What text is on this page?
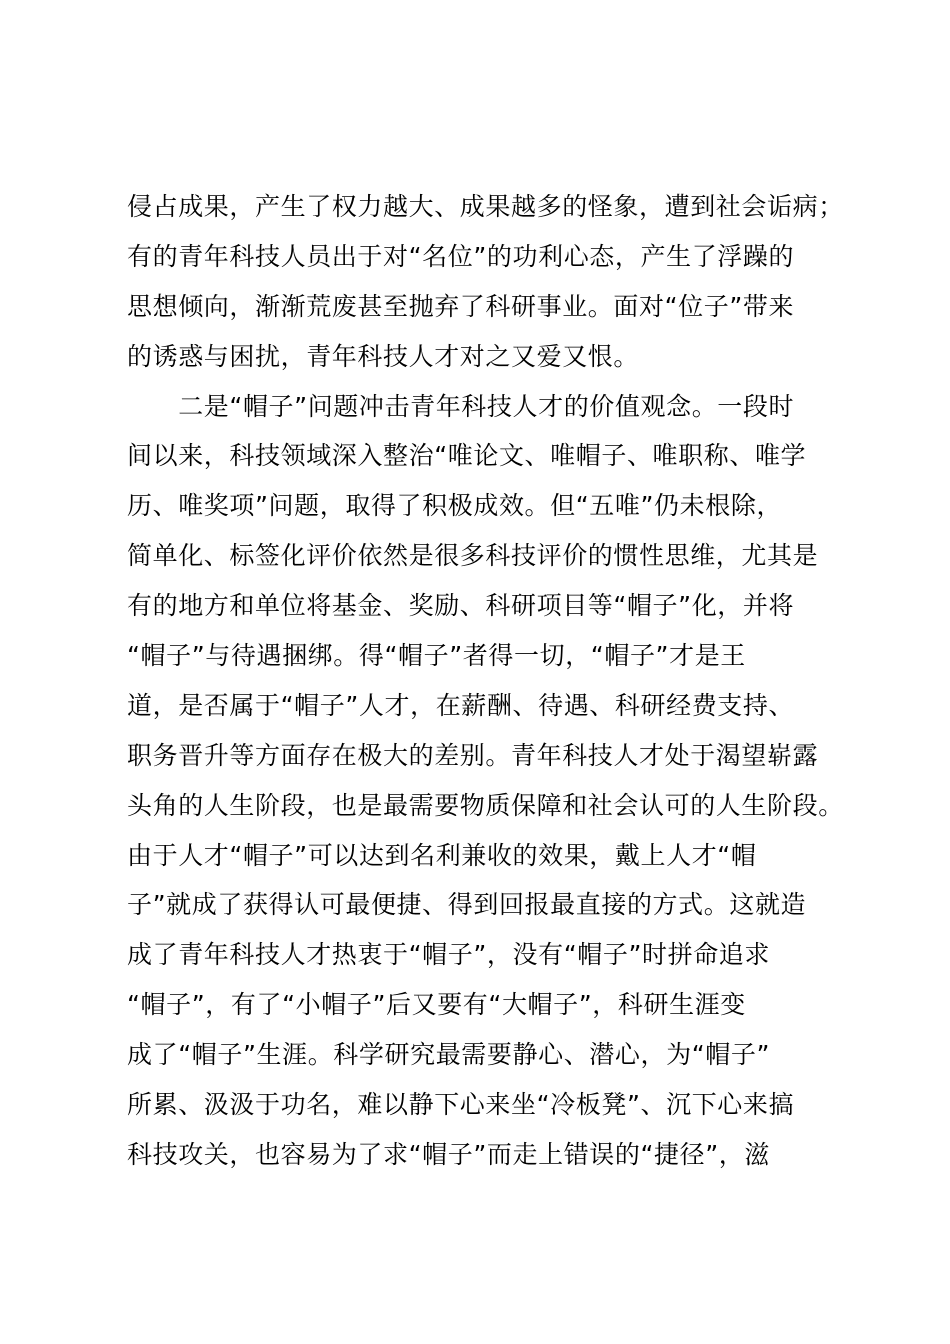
侵占成果，产生了权力越大、成果越多的怪象，遭到社会诟病；
有的青年科技人员出于对“名位”的功利心态，产生了浮躁的
思想倾向，渐渐荒废甚至抛弃了科研事业。面对“位子”带来
的诱惑与困扰，青年科技人才对之又爱又恨。
　　二是“帽子”问题冲击青年科技人才的价值观念。一段时
间以来，科技领域深入整治“唯论文、唯帽子、唯职称、唯学
历、唯奖项”问题，取得了积极成效。但“五唯”仍未根除，
简单化、标签化评价依然是很多科技评价的惯性思维，尤其是
有的地方和单位将基金、奖励、科研项目等“帽子”化，并将
“帽子”与待遇捆绑。得“帽子”者得一切，“帽子”才是王
道，是否属于“帽子”人才，在薪酬、待遇、科研经费支持、
职务晋升等方面存在极大的差别。青年科技人才处于渴望崭露
头角的人生阶段，也是最需要物质保障和社会认可的人生阶段。
由于人才“帽子”可以达到名利兼收的效果，戴上人才“帽
子”就成了获得认可最便捷、得到回报最直接的方式。这就造
成了青年科技人才热衷于“帽子”，没有“帽子”时拼命追求
“帽子”，有了“小帽子”后又要有“大帽子”，科研生涯变
成了“帽子”生涯。科学研究最需要静心、潜心，为“帽子”
所累、汲汲于功名，难以静下心来坐“冷板凳”、沉下心来搞
科技攻关，也容易为了求“帽子”而走上错误的“捷径”，滋
